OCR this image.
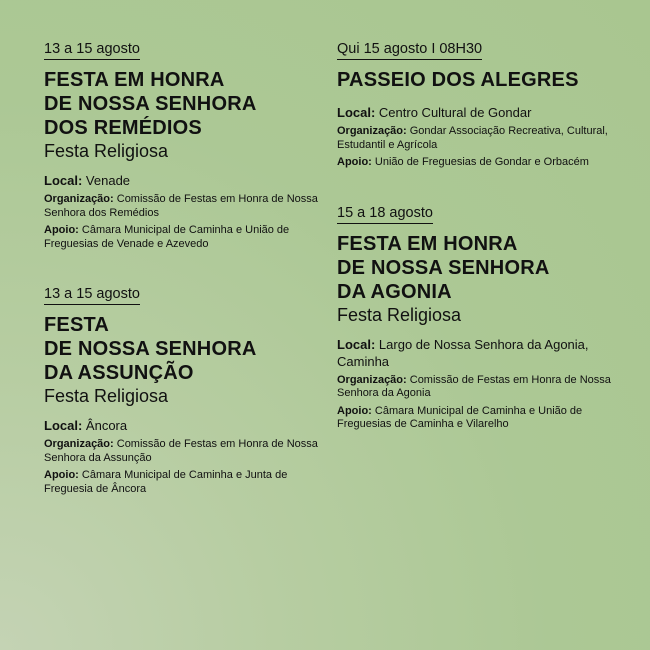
13 a 15 agosto
FESTA EM HONRA
DE NOSSA SENHORA
DOS REMÉDIOS
Festa Religiosa

Local: Venade

Organização: Comissão de Festas em Honra de Nossa Senhora dos Remédios

Apoio: Câmara Municipal de Caminha e União de Freguesias de Venade e Azevedo

13 a 15 agosto
FESTA
DE NOSSA SENHORA
DA ASSUNÇÃO
Festa Religiosa

Local: Âncora

Organização: Comissão de Festas em Honra de Nossa Senhora da Assunção

Apoio: Câmara Municipal de Caminha e Junta de Freguesia de Âncora

Qui 15 agosto I 08H30
PASSEIO DOS ALEGRES

Local: Centro Cultural de Gondar

Organização: Gondar Associação Recreativa, Cultural, Estudantil e Agrícola

Apoio: União de Freguesias de Gondar e Orbacém

15 a 18 agosto
FESTA EM HONRA
DE NOSSA SENHORA
DA AGONIA
Festa Religiosa

Local: Largo de Nossa Senhora da Agonia, Caminha

Organização: Comissão de Festas em Honra de Nossa Senhora da Agonia

Apoio: Câmara Municipal de Caminha e União de Freguesias de Caminha e Vilarelho
